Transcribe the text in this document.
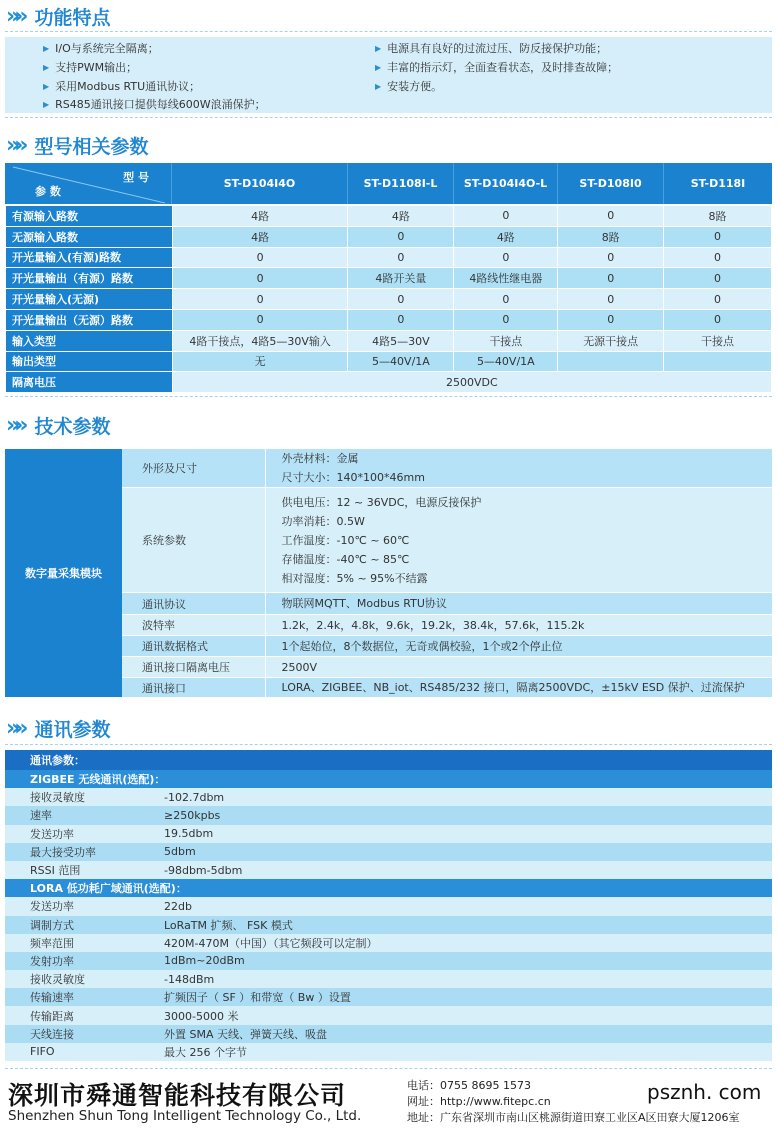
»» 功能特点
▶ I/O与系统完全隔离；
▶ 支持PWM输出；
▶ 采用Modbus RTU通讯协议；
▶ RS485通讯接口提供每线600W浪涌保护；
▶ 电源具有良好的过流过压、防反接保护功能；
▶ 丰富的指示灯，全面查看状态，及时排查故障；
▶ 安装方便。
»» 型号相关参数
型 号
参 数
ST-D104I4O	ST-D1108I-L	ST-D104I4O-L	ST-D108I0	ST-D118I
有源输入路数	4路	4路	0	0	8路
无源输入路数	4路	0	4路	8路	0
开光量输入(有源)路数	0	0	0	0	0
开光量输出（有源）路数	0	4路开关量	4路线性继电器	0	0
开光量输入(无源)	0	0	0	0	0
开光量输出（无源）路数	0	0	0	0	0
输入类型	4路干接点，4路5—30V输入	4路5—30V	干接点	无源干接点	干接点
输出类型	无	5—40V/1A	5—40V/1A		
隔离电压	2500VDC				
»» 技术参数
数字量采集模块	外形及尺寸	外壳材料：金属
尺寸大小：140*100*46mm

	系统参数	供电电压：12 ~ 36VDC，电源反接保护
功率消耗：0.5W
工作温度：-10℃ ~ 60℃
存储温度：-40℃ ~ 85℃
相对湿度：5% ~ 95%不结露

	通讯协议	物联网MQTT、Modbus RTU协议

	波特率	1.2k，2.4k，4.8k，9.6k，19.2k，38.4k，57.6k，115.2k

	通讯数据格式	1个起始位，8个数据位，无奇或偶校验，1个或2个停止位

	通讯接口隔离电压	2500V

	通讯接口	LORA、ZIGBEE、NB_iot、RS485/232 接口，隔离2500VDC，±15kV ESD 保护、过流保护
»» 通讯参数
通讯参数：	
ZIGBEE 无线通讯(选配)：	
接收灵敏度	-102.7dbm
速率	≥250kpbs
发送功率	19.5dbm
最大接受功率	5dbm
RSSI 范围	-98dbm-5dbm
LORA 低功耗广域通讯(选配)：	
发送功率	22db
调制方式	LoRaTM 扩频、 FSK 模式
频率范围	420M-470M（中国）（其它频段可以定制）
发射功率	1dBm~20dBm
接收灵敏度	-148dBm
传输速率	扩频因子（ SF ）和带宽（ Bw ）设置
传输距离	3000-5000 米
天线连接	外置 SMA 天线、弹簧天线、吸盘
FIFO	最大 256 个字节
深圳市舜通智能科技有限公司
Shenzhen Shun Tong Intelligent Technology Co., Ltd.
电话：0755 8695 1573
网址：http://www.fitepc.cn
地址：广东省深圳市南山区桃源街道田寮工业区A区田寮大厦1206室
psznh. com
